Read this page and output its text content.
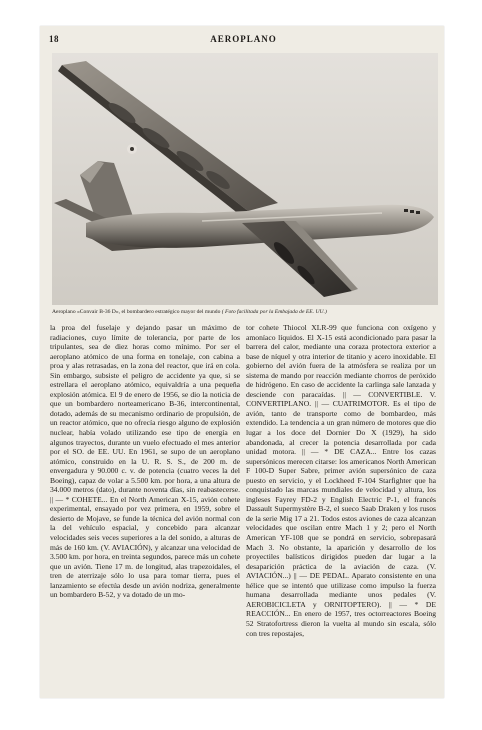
18	AEROPLANO
Aeroplano «Convair B-36 D», el bombardero estratégico mayor del mundo ( Foto facilitada por la Embajada de EE. UU.)

la proa del fuselaje y dejando pasar un máximo de radiaciones, cuyo límite de tolerancia, por parte de los tripulantes, sea de diez horas como mínimo. Por ser el aeroplano atómico de una forma en tonelaje, con cabina a proa y alas retrasadas, en la zona del reactor, que irá en cola. Sin embargo, subsiste el peligro de accidente ya que, si se estrellara el aeroplano atómico, equivaldría a una pequeña explosión atómica. El 9 de enero de 1956, se dio la noticia de que un bombardero norteamericano B-36, intercontinental, dotado, además de su mecanismo ordinario de propulsión, de un reactor atómico, que no ofrecía riesgo alguno de explosión nuclear, había volado utilizando ese tipo de energía en algunos trayectos, durante un vuelo efectuado el mes anterior por el SO. de EE. UU. En 1961, se supo de un aeroplano atómico, construido en la U. R. S. S., de 200 m. de envergadura y 90.000 c. v. de potencia (cuatro veces la del Boeing), capaz de volar a 5.500 km. por hora, a una altura de 34.000 metros (dato), durante noventa días, sin reabastecerse. || — * COHETE... En el North American X-15, avión cohete experimental, ensayado por vez primera, en 1959, sobre el desierto de Mojave, se funde la técnica del avión normal con la del vehículo espacial, y concebido para alcanzar velocidades seis veces superiores a la del sonido, a alturas de más de 160 km. (V. AVIACIÓN), y alcanzar una velocidad de 3.500 km. por hora, en treinta segundos, parece más un cohete que un avión. Tiene 17 m. de longitud, alas trapezoidales, el tren de aterrizaje sólo lo usa para tomar tierra, pues el lanzamiento se efectúa desde un avión nodriza, generalmente un bombardero B-52, y va dotado de un mo-

tor cohete Thiocol XLR-99 que funciona con oxígeno y amoníaco líquidos. El X-15 está acondicionado para pasar la barrera del calor, mediante una coraza protectora exterior a base de níquel y otra interior de titanio y acero inoxidable. El gobierno del avión fuera de la atmósfera se realiza por un sistema de mando por reacción mediante chorros de peróxido de hidrógeno. En caso de accidente la carlinga sale lanzada y desciende con paracaídas. || — CONVERTIBLE. V. CONVERTIPLANO. || — CUATRIMOTOR. Es el tipo de avión, tanto de transporte como de bombardeo, más extendido. La tendencia a un gran número de motores que dio lugar a los doce del Dornier Do X (1929), ha sido abandonada, al crecer la potencia desarrollada por cada unidad motora. || — * DE CAZA... Entre los cazas supersónicos merecen citarse: los americanos North American F 100-D Super Sabre, primer avión supersónico de caza puesto en servicio, y el Lockheed F-104 Starfighter que ha conquistado las marcas mundiales de velocidad y altura, los ingleses Fayrey FD-2 y English Electric P-1, el francés Dassault Supermystère B-2, el sueco Saab Draken y los rusos de la serie Mig 17 a 21. Todos estos aviones de caza alcanzan velocidades que oscilan entre Mach 1 y 2; pero el North American YF-108 que se pondrá en servicio, sobrepasará Mach 3. No obstante, la aparición y desarrollo de los proyectiles balísticos dirigidos pueden dar lugar a la desaparición práctica de la aviación de caza. (V. AVIACIÓN...) || — DE PEDAL. Aparato consistente en una hélice que se intentó que utilizase como impulso la fuerza humana desarrollada mediante unos pedales (V. AEROBICICLETA y ORNITOPTERO). || — * DE REACCIÓN... En enero de 1957, tres octorreactores Boeing 52 Stratofortress dieron la vuelta al mundo sin escala, sólo con tres repostajes,
